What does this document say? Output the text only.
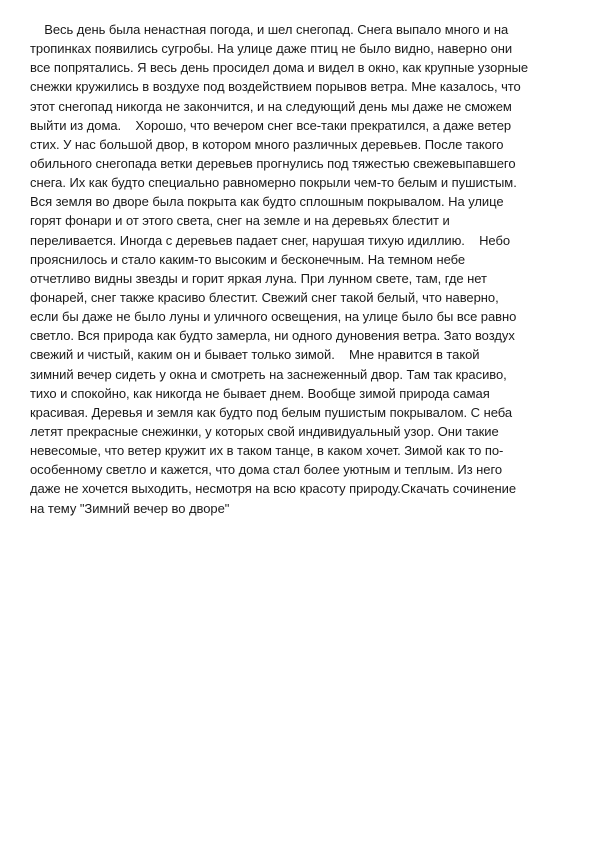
Весь день была ненастная погода, и шел снегопад. Снега выпало много и на
тропинках появились сугробы. На улице даже птиц не было видно, наверно они
все попрятались. Я весь день просидел дома и видел в окно, как крупные узорные
снежки кружились в воздухе под воздействием порывов ветра. Мне казалось, что
этот снегопад никогда не закончится, и на следующий день мы даже не сможем
выйти из дома.    Хорошо, что вечером снег все-таки прекратился, а даже ветер
стих. У нас большой двор, в котором много различных деревьев. После такого
обильного снегопада ветки деревьев прогнулись под тяжестью свежевыпавшего
снега. Их как будто специально равномерно покрыли чем-то белым и пушистым.
Вся земля во дворе была покрыта как будто сплошным покрывалом. На улице
горят фонари и от этого света, снег на земле и на деревьях блестит и
переливается. Иногда с деревьев падает снег, нарушая тихую идиллию.    Небо
прояснилось и стало каким-то высоким и бесконечным. На темном небе
отчетливо видны звезды и горит яркая луна. При лунном свете, там, где нет
фонарей, снег также красиво блестит. Свежий снег такой белый, что наверно,
если бы даже не было луны и уличного освещения, на улице было бы все равно
светло. Вся природа как будто замерла, ни одного дуновения ветра. Зато воздух
свежий и чистый, каким он и бывает только зимой.    Мне нравится в такой
зимний вечер сидеть у окна и смотреть на заснеженный двор. Там так красиво,
тихо и спокойно, как никогда не бывает днем. Вообще зимой природа самая
красивая. Деревья и земля как будто под белым пушистым покрывалом. С неба
летят прекрасные снежинки, у которых свой индивидуальный узор. Они такие
невесомые, что ветер кружит их в таком танце, в каком хочет. Зимой как то по-
особенному светло и кажется, что дома стал более уютным и теплым. Из него
даже не хочется выходить, несмотря на всю красоту природу.Скачать сочинение
на тему "Зимний вечер во дворе"
